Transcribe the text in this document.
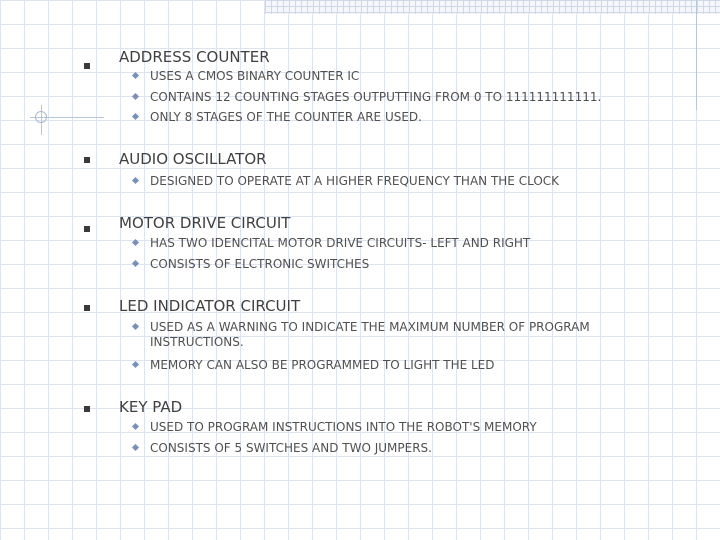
ADDRESS COUNTER
USES A CMOS BINARY COUNTER IC
CONTAINS 12 COUNTING STAGES OUTPUTTING FROM 0 TO 111111111111.
ONLY 8 STAGES OF THE COUNTER ARE USED.
AUDIO OSCILLATOR
DESIGNED TO OPERATE AT A HIGHER FREQUENCY THAN THE CLOCK
MOTOR DRIVE CIRCUIT
HAS TWO IDENCITAL MOTOR DRIVE CIRCUITS- LEFT AND RIGHT
CONSISTS OF ELCTRONIC SWITCHES
LED INDICATOR CIRCUIT
USED AS A WARNING TO INDICATE THE MAXIMUM NUMBER OF PROGRAM INSTRUCTIONS.
MEMORY CAN ALSO BE PROGRAMMED TO LIGHT THE LED
KEY PAD
USED TO PROGRAM INSTRUCTIONS INTO THE ROBOT'S MEMORY
CONSISTS OF 5 SWITCHES AND TWO JUMPERS.
